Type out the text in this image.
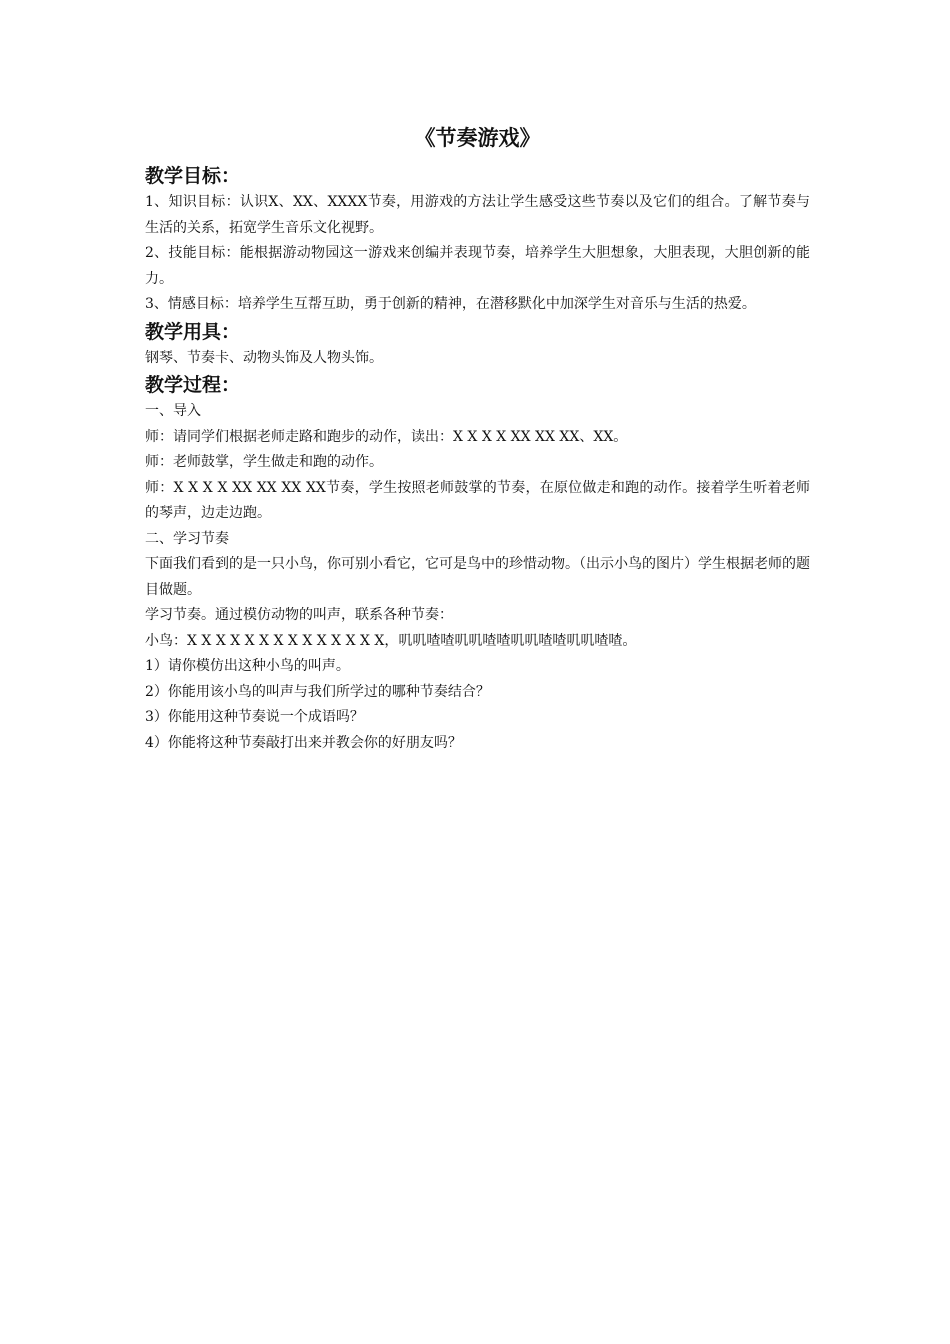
《节奏游戏》
教学目标：

1、知识目标：认识X、XX、XXXX节奏，用游戏的方法让学生感受这些节奏以及它们的组合。了解节奏与生活的关系，拓宽学生音乐文化视野。

2、技能目标：能根据游动物园这一游戏来创编并表现节奏，培养学生大胆想象，大胆表现，大胆创新的能力。

3、情感目标：培养学生互帮互助，勇于创新的精神，在潜移默化中加深学生对音乐与生活的热爱。

教学用具：

钢琴、节奏卡、动物头饰及人物头饰。

教学过程：

一、导入

师：请同学们根据老师走路和跑步的动作，读出：X X X X XX XX XX、XX。

师：老师鼓掌，学生做走和跑的动作。

师：X X X X XX XX XX XX节奏，学生按照老师鼓掌的节奏，在原位做走和跑的动作。接着学生听着老师的琴声，边走边跑。

二、学习节奏

下面我们看到的是一只小鸟，你可别小看它，它可是鸟中的珍惜动物。（出示小鸟的图片）学生根据老师的题目做题。

学习节奏。通过模仿动物的叫声，联系各种节奏：

小鸟：X X X X X X X X X X X X X X，叽叽喳喳叽叽喳喳叽叽喳喳叽叽喳喳。

1）请你模仿出这种小鸟的叫声。

2）你能用该小鸟的叫声与我们所学过的哪种节奏结合？

3）你能用这种节奏说一个成语吗？

4）你能将这种节奏敲打出来并教会你的好朋友吗？
